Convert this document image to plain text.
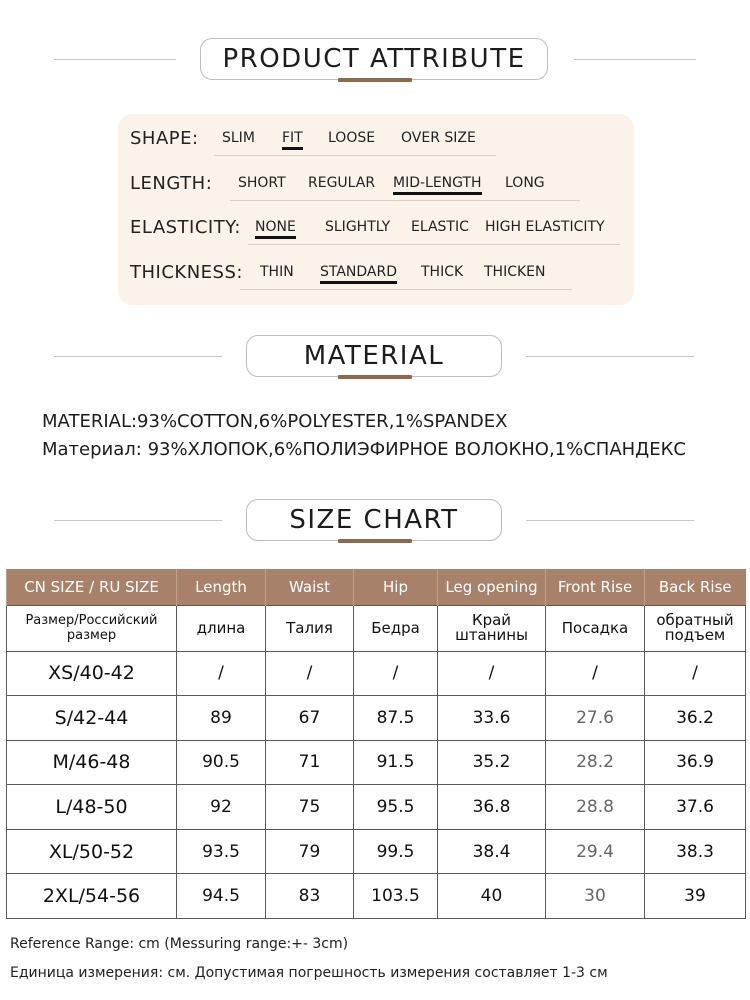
PRODUCT ATTRIBUTE
SHAPE: SLIM FIT LOOSE OVER SIZE
LENGTH: SHORT REGULAR MID-LENGTH LONG
ELASTICITY: NONE SLIGHTLY ELASTIC HIGH ELASTICITY
THICKNESS: THIN STANDARD THICK THICKEN
MATERIAL
MATERIAL:93%COTTON,6%POLYESTER,1%SPANDEX
Материал: 93%ХЛОПОК,6%ПОЛИЭФИРНОЕ ВОЛОКНО,1%СПАНДЕКС
SIZE CHART
CN SIZE / RU SIZE	Length	Waist	Hip	Leg opening	Front Rise	Back Rise
Размер/Российский размер	длина	Талия	Бедра	Край штанины	Посадка	обратный подъем
XS/40-42	/	/	/	/	/	/
S/42-44	89	67	87.5	33.6	27.6	36.2
M/46-48	90.5	71	91.5	35.2	28.2	36.9
L/48-50	92	75	95.5	36.8	28.8	37.6
XL/50-52	93.5	79	99.5	38.4	29.4	38.3
2XL/54-56	94.5	83	103.5	40	30	39
Reference Range: cm (Messuring range:+- 3cm)
Единица измерения: см. Допустимая погрешность измерения составляет 1-3 см
